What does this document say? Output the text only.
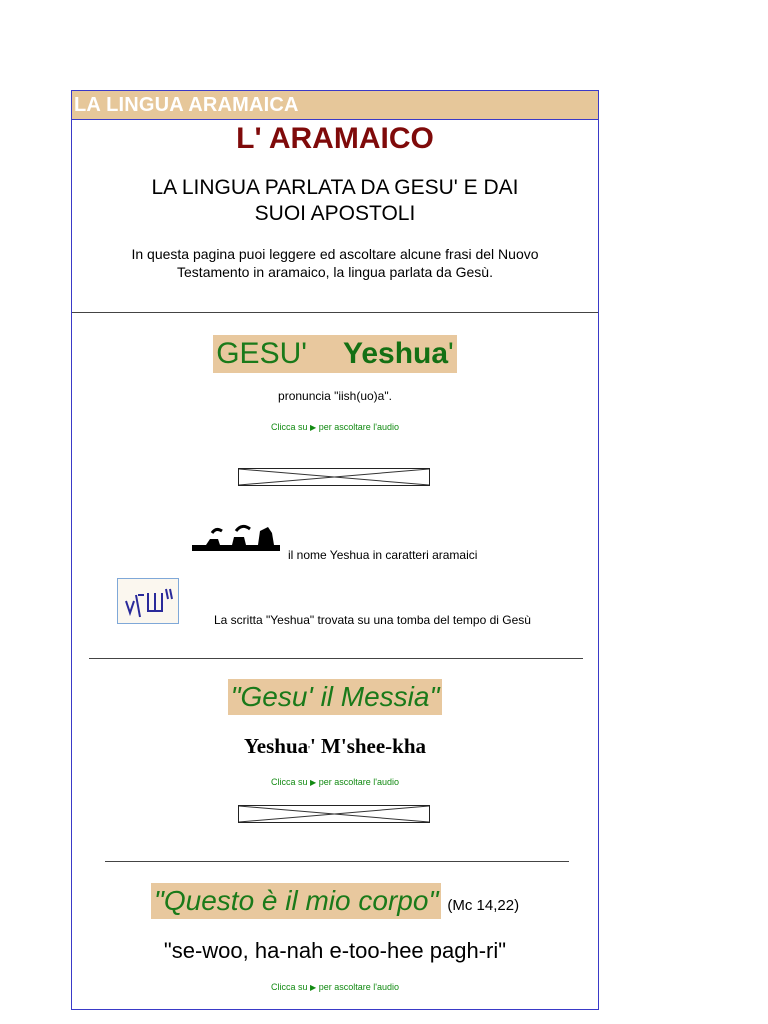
LA LINGUA ARAMAICA
L' ARAMAICO
LA LINGUA PARLATA DA GESU' E DAI SUOI APOSTOLI
In questa pagina puoi leggere ed ascoltare alcune frasi del Nuovo Testamento in aramaico, la lingua parlata da Gesù.
GESU' Yeshua'
pronuncia "iish(uo)a".
Clicca su ▶ per ascoltare l'audio
il nome Yeshua in caratteri aramaici
La scritta "Yeshua" trovata su una tomba del tempo di Gesù
"Gesu' il Messia"
Yeshua'' M'shee-kha
Clicca su ▶ per ascoltare l'audio
"Questo è il mio corpo" (Mc 14,22)
"se-woo, ha-nah e-too-hee pagh-ri"
Clicca su ▶ per ascoltare l'audio
